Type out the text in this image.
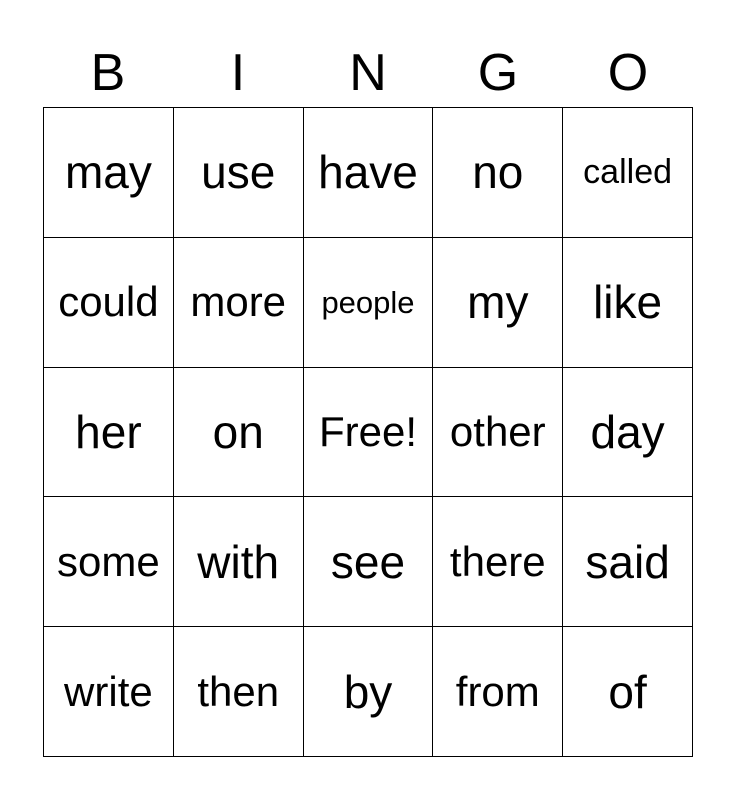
B	I	N	G	O
may use have no called
could more people my like
her on Free! other day
some with see there said
write then by from of
